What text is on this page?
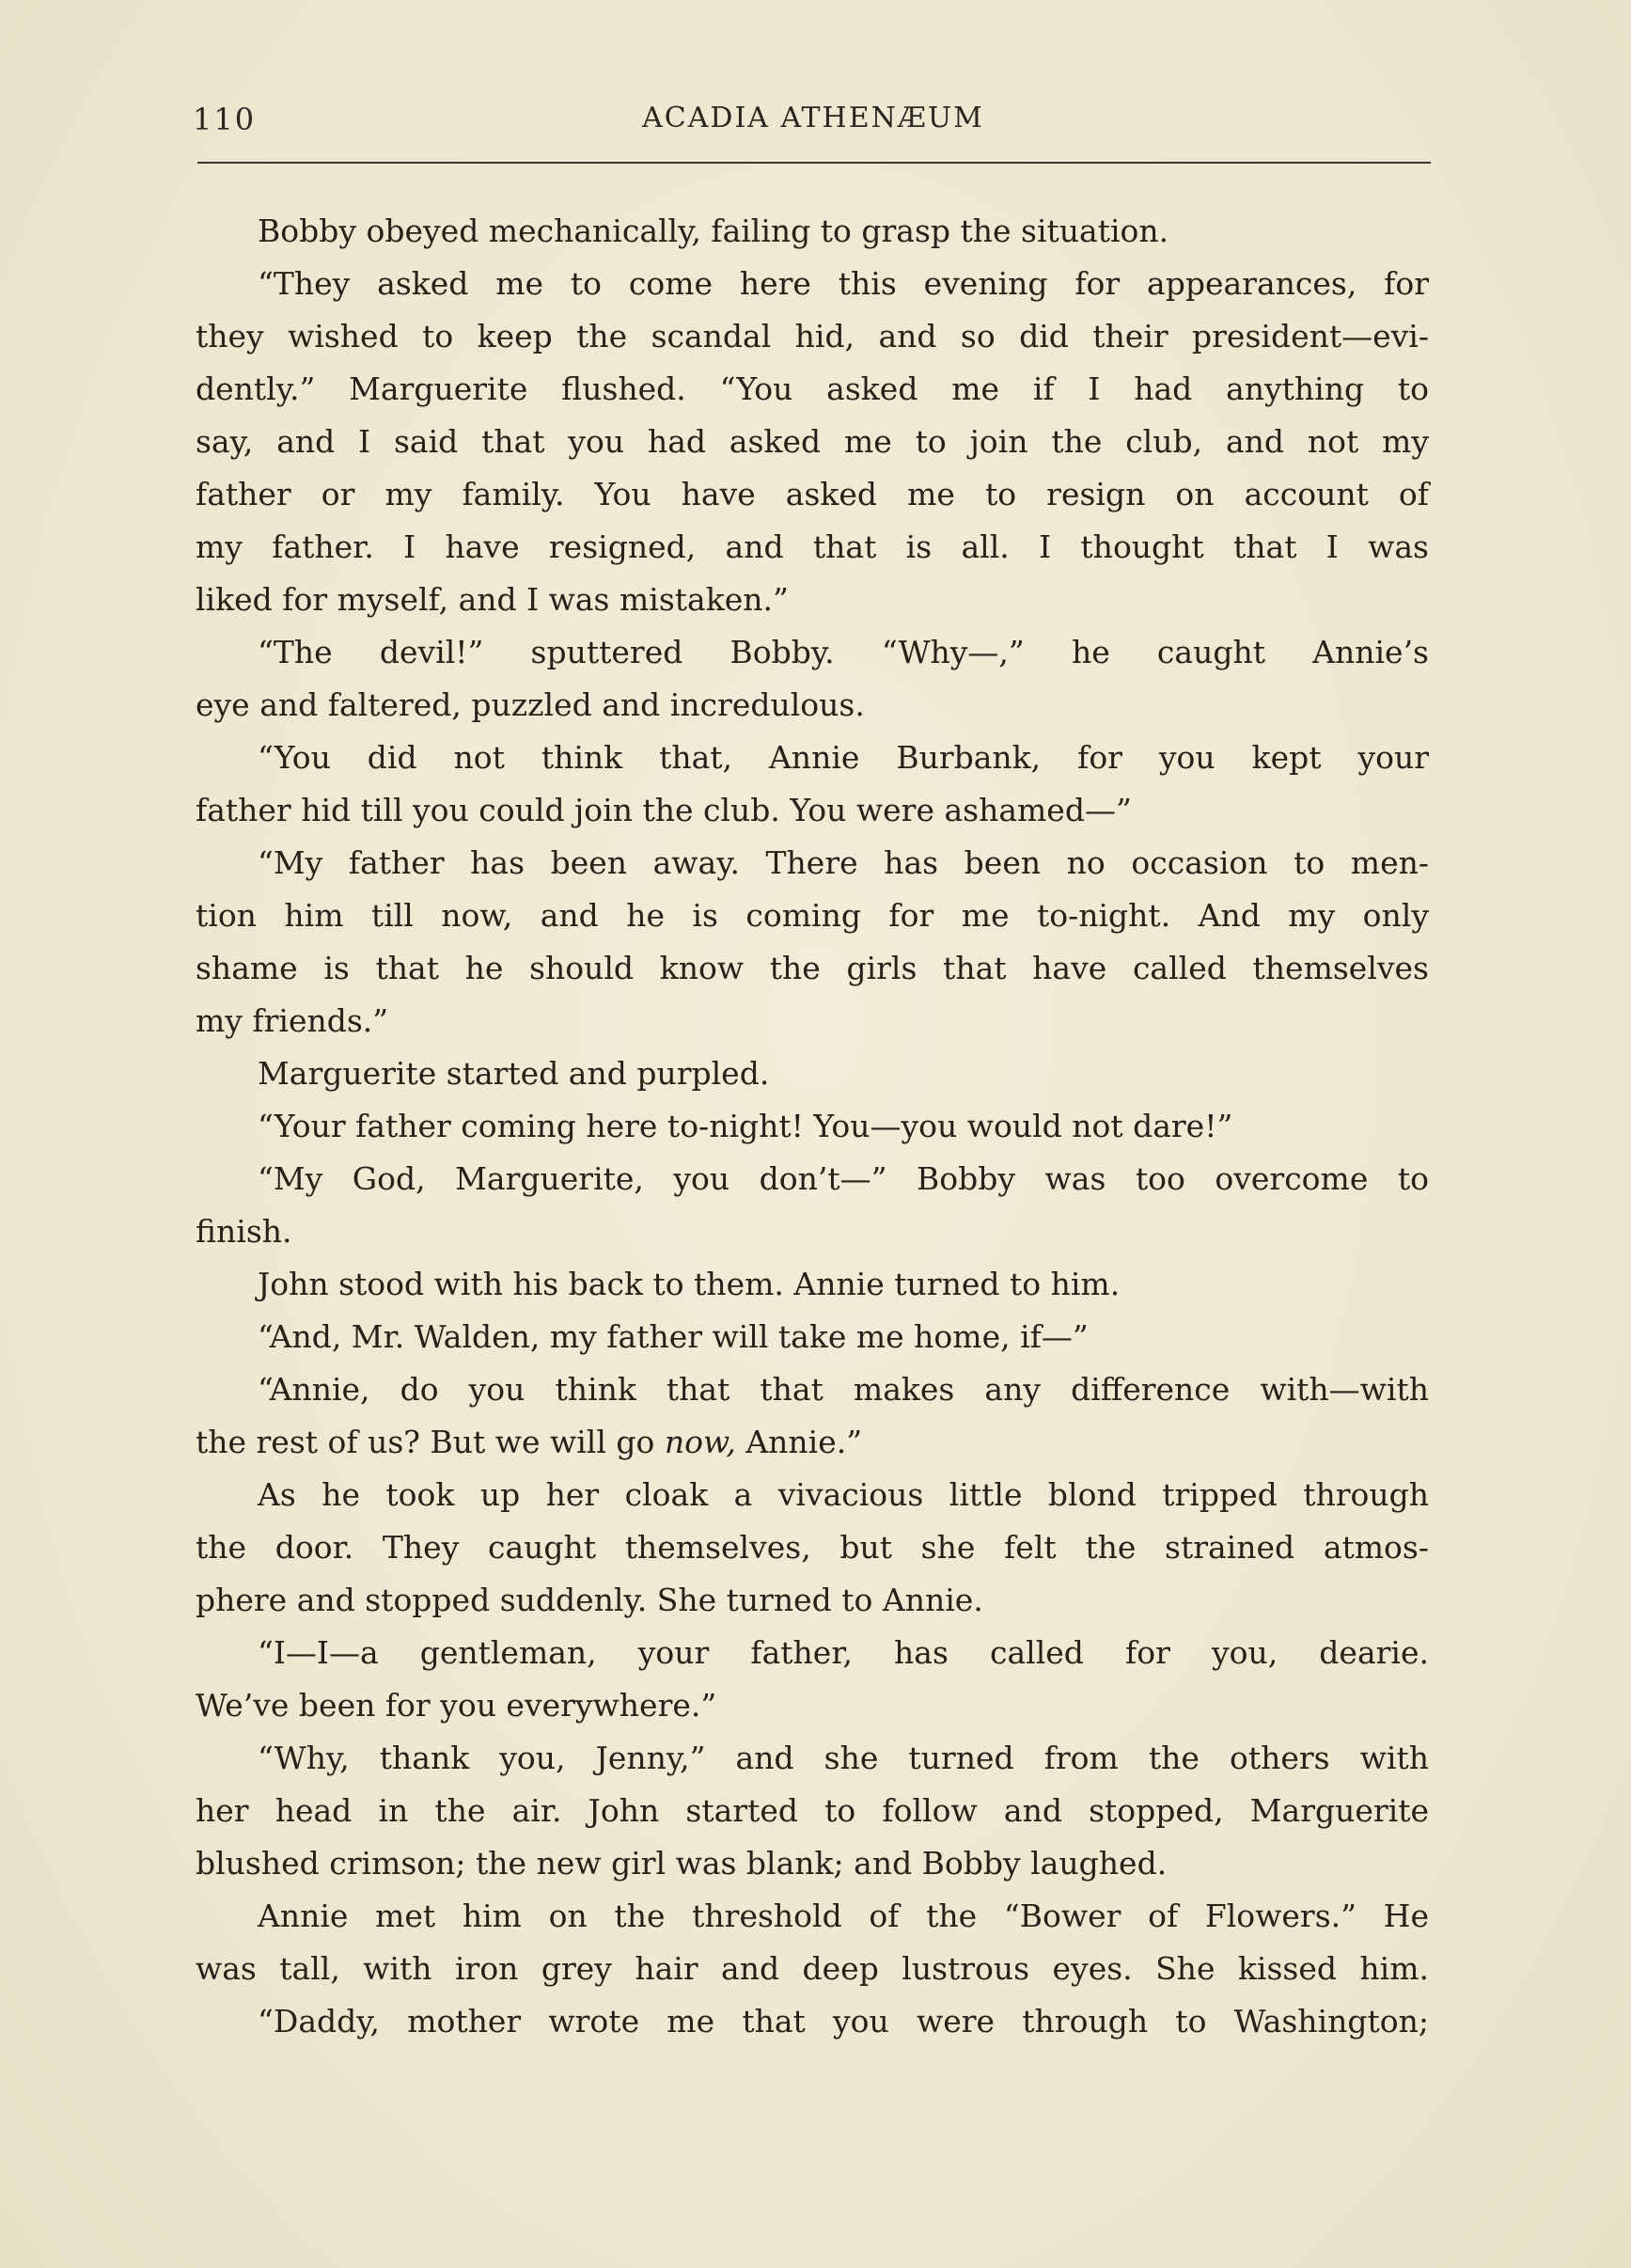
110	ACADIA ATHENÆUM
Bobby obeyed mechanically, failing to grasp the situation.
“They asked me to come here this evening for appearances, for
they wished to keep the scandal hid, and so did their president—evi-
dently.” Marguerite flushed. “You asked me if I had anything to
say, and I said that you had asked me to join the club, and not my
father or my family. You have asked me to resign on account of
my father. I have resigned, and that is all. I thought that I was
liked for myself, and I was mistaken.”
“The devil!” sputtered Bobby. “Why—,” he caught Annie’s
eye and faltered, puzzled and incredulous.
“You did not think that, Annie Burbank, for you kept your
father hid till you could join the club. You were ashamed—”
“My father has been away. There has been no occasion to men-
tion him till now, and he is coming for me to-night. And my only
shame is that he should know the girls that have called themselves
my friends.”
Marguerite started and purpled.
“Your father coming here to-night! You—you would not dare!”
“My God, Marguerite, you don’t—” Bobby was too overcome to
finish.
John stood with his back to them. Annie turned to him.
“And, Mr. Walden, my father will take me home, if—”
“Annie, do you think that that makes any difference with—with
the rest of us? But we will go now, Annie.”
As he took up her cloak a vivacious little blond tripped through
the door. They caught themselves, but she felt the strained atmos-
phere and stopped suddenly. She turned to Annie.
“I—I—a gentleman, your father, has called for you, dearie.
We’ve been for you everywhere.”
“Why, thank you, Jenny,” and she turned from the others with
her head in the air. John started to follow and stopped, Marguerite
blushed crimson; the new girl was blank; and Bobby laughed.
Annie met him on the threshold of the “Bower of Flowers.” He
was tall, with iron grey hair and deep lustrous eyes. She kissed him.
“Daddy, mother wrote me that you were through to Washington;
